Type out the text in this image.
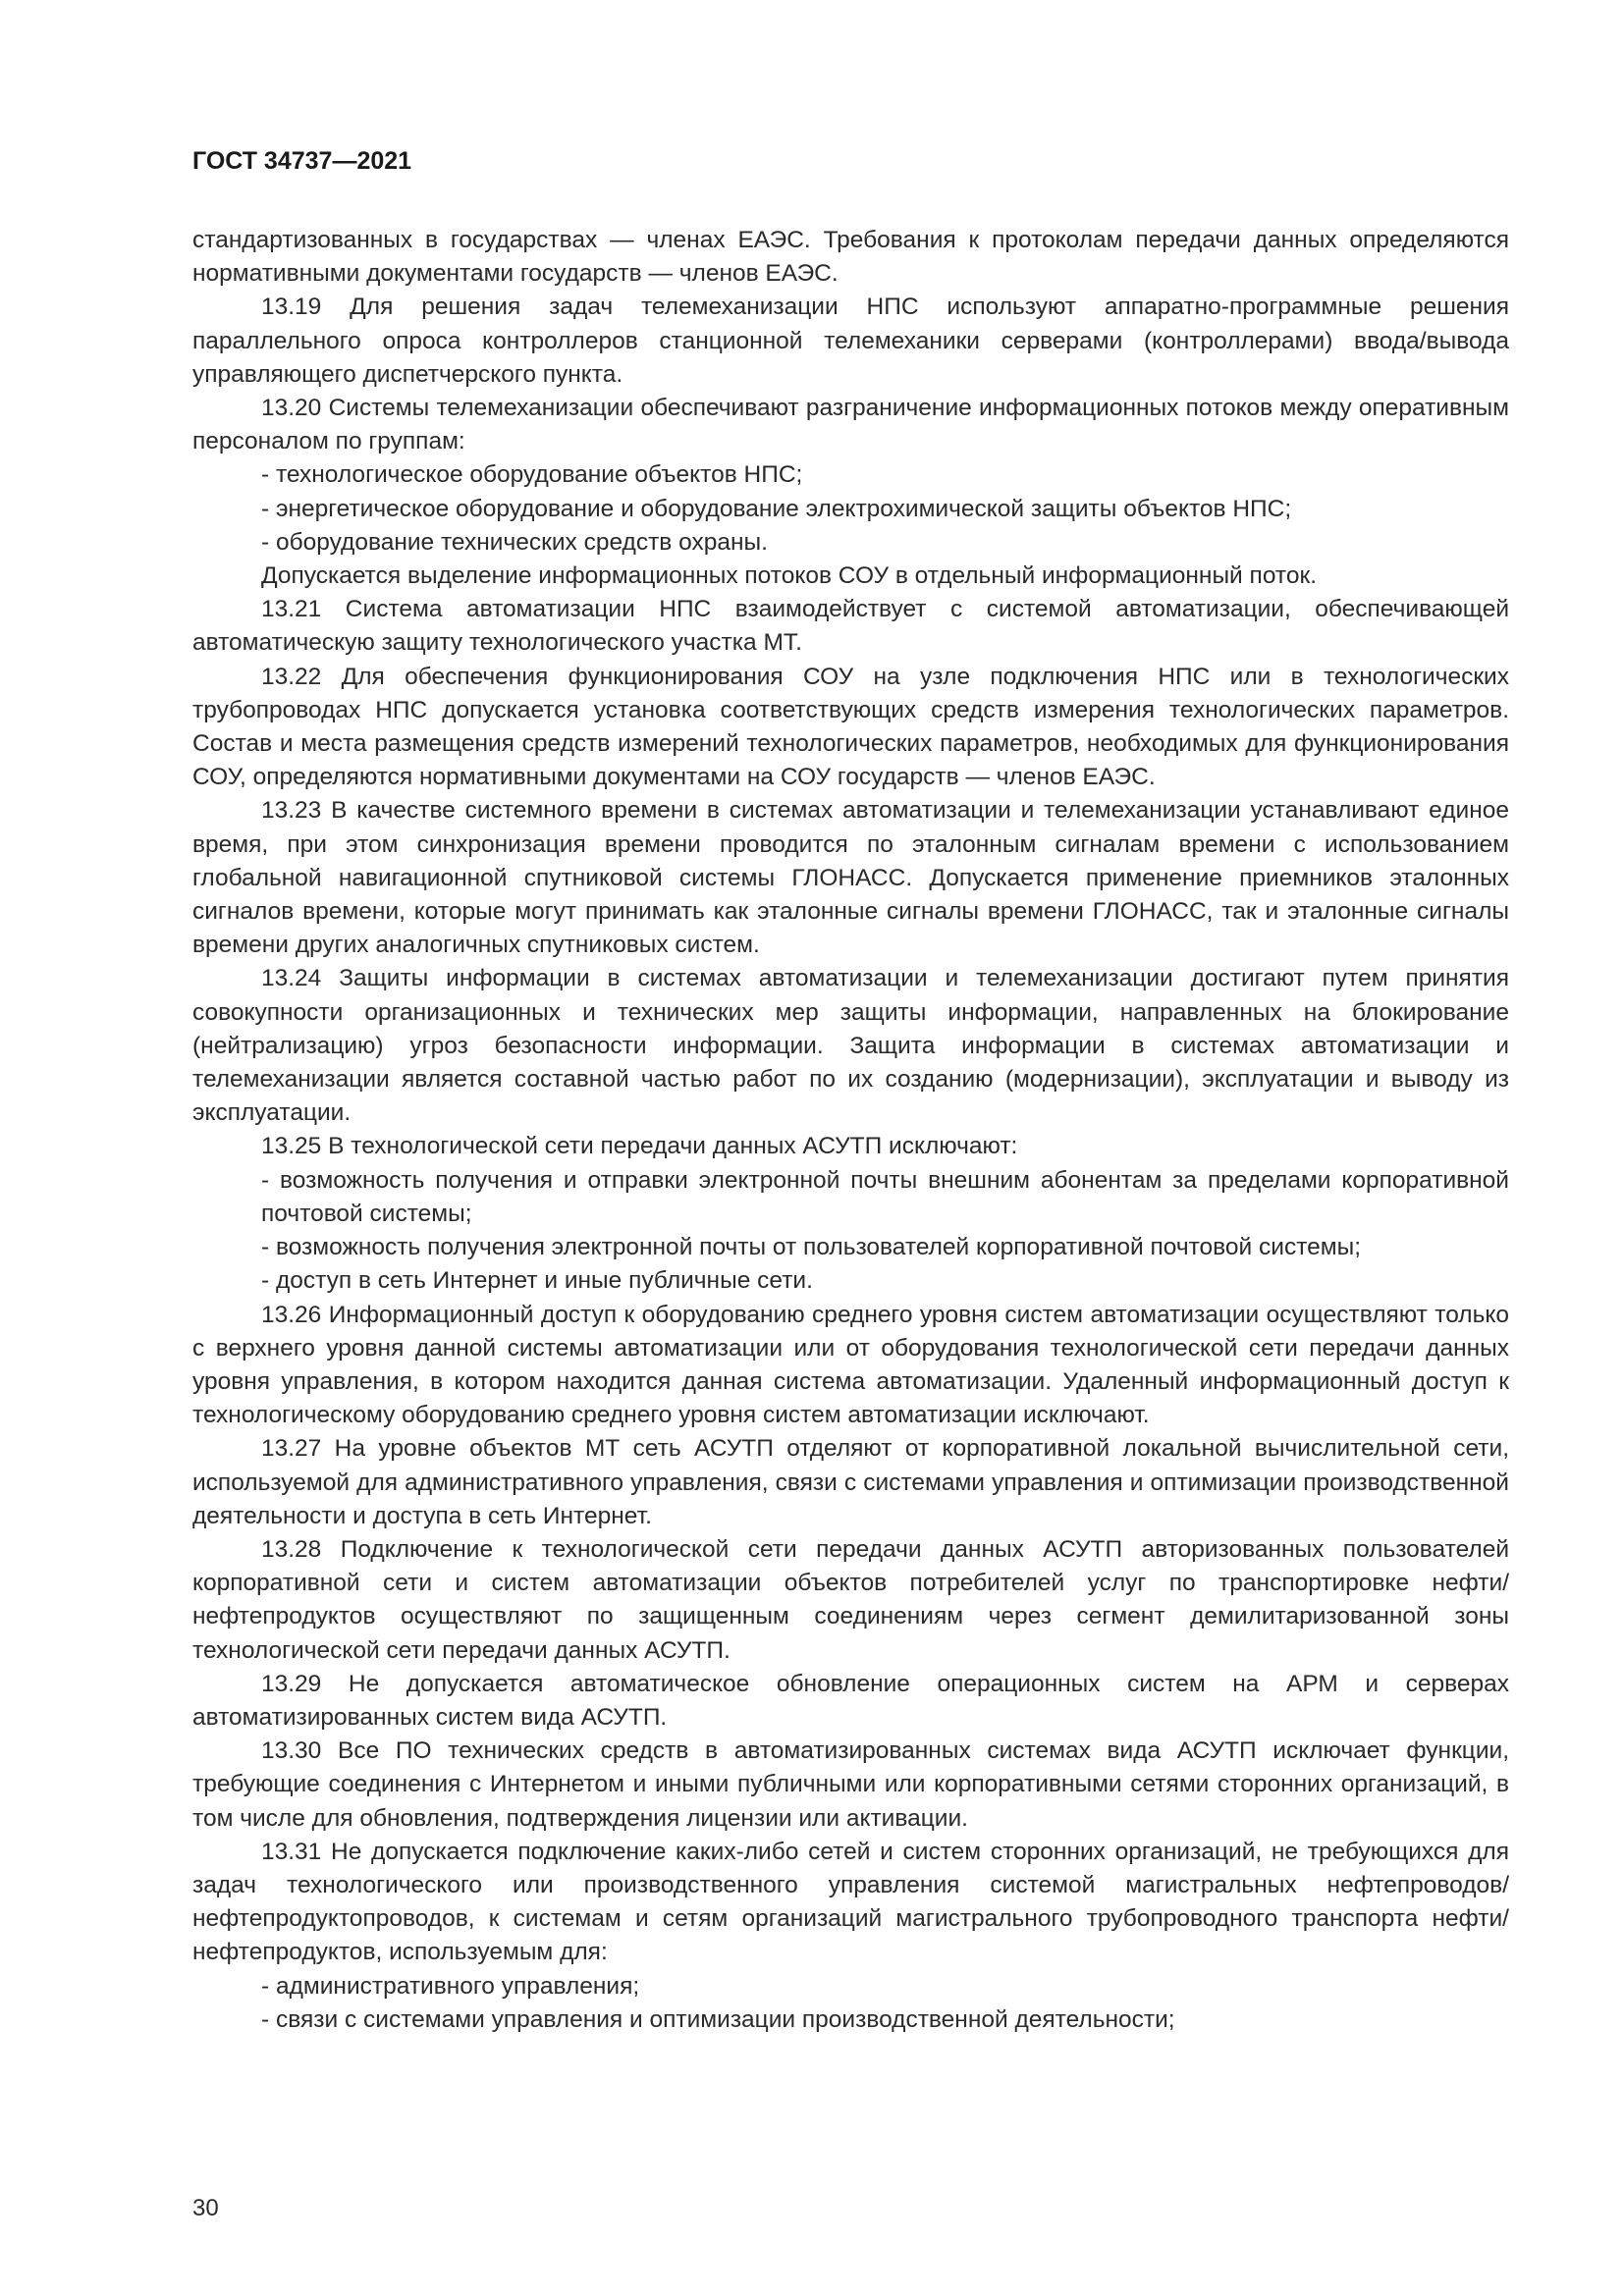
ГОСТ 34737—2021

стандартизованных в государствах — членах ЕАЭС. Требования к протоколам передачи данных определяются нормативными документами государств — членов ЕАЭС.

13.19 Для решения задач телемеханизации НПС используют аппаратно-программные решения параллельного опроса контроллеров станционной телемеханики серверами (контроллерами) ввода/вывода управляющего диспетчерского пункта.

13.20 Системы телемеханизации обеспечивают разграничение информационных потоков между оперативным персоналом по группам:

- технологическое оборудование объектов НПС;

- энергетическое оборудование и оборудование электрохимической защиты объектов НПС;

- оборудование технических средств охраны.

Допускается выделение информационных потоков СОУ в отдельный информационный поток.

13.21 Система автоматизации НПС взаимодействует с системой автоматизации, обеспечивающей автоматическую защиту технологического участка МТ.

13.22 Для обеспечения функционирования СОУ на узле подключения НПС или в технологических трубопроводах НПС допускается установка соответствующих средств измерения технологических параметров. Состав и места размещения средств измерений технологических параметров, необходимых для функционирования СОУ, определяются нормативными документами на СОУ государств — членов ЕАЭС.

13.23 В качестве системного времени в системах автоматизации и телемеханизации устанавливают единое время, при этом синхронизация времени проводится по эталонным сигналам времени с использованием глобальной навигационной спутниковой системы ГЛОНАСС. Допускается применение приемников эталонных сигналов времени, которые могут принимать как эталонные сигналы времени ГЛОНАСС, так и эталонные сигналы времени других аналогичных спутниковых систем.

13.24 Защиты информации в системах автоматизации и телемеханизации достигают путем принятия совокупности организационных и технических мер защиты информации, направленных на блокирование (нейтрализацию) угроз безопасности информации. Защита информации в системах автоматизации и телемеханизации является составной частью работ по их созданию (модернизации), эксплуатации и выводу из эксплуатации.

13.25 В технологической сети передачи данных АСУТП исключают:

- возможность получения и отправки электронной почты внешним абонентам за пределами корпоративной почтовой системы;

- возможность получения электронной почты от пользователей корпоративной почтовой системы;

- доступ в сеть Интернет и иные публичные сети.

13.26 Информационный доступ к оборудованию среднего уровня систем автоматизации осуществляют только с верхнего уровня данной системы автоматизации или от оборудования технологической сети передачи данных уровня управления, в котором находится данная система автоматизации. Удаленный информационный доступ к технологическому оборудованию среднего уровня систем автоматизации исключают.

13.27 На уровне объектов МТ сеть АСУТП отделяют от корпоративной локальной вычислительной сети, используемой для административного управления, связи с системами управления и оптимизации производственной деятельности и доступа в сеть Интернет.

13.28 Подключение к технологической сети передачи данных АСУТП авторизованных пользователей корпоративной сети и систем автоматизации объектов потребителей услуг по транспортировке нефти/нефтепродуктов осуществляют по защищенным соединениям через сегмент демилитаризованной зоны технологической сети передачи данных АСУТП.

13.29 Не допускается автоматическое обновление операционных систем на АРМ и серверах автоматизированных систем вида АСУТП.

13.30 Все ПО технических средств в автоматизированных системах вида АСУТП исключает функции, требующие соединения с Интернетом и иными публичными или корпоративными сетями сторонних организаций, в том числе для обновления, подтверждения лицензии или активации.

13.31 Не допускается подключение каких-либо сетей и систем сторонних организаций, не требующихся для задач технологического или производственного управления системой магистральных нефтепроводов/нефтепродуктопроводов, к системам и сетям организаций магистрального трубопроводного транспорта нефти/нефтепродуктов, используемым для:

- административного управления;

- связи с системами управления и оптимизации производственной деятельности;

30
